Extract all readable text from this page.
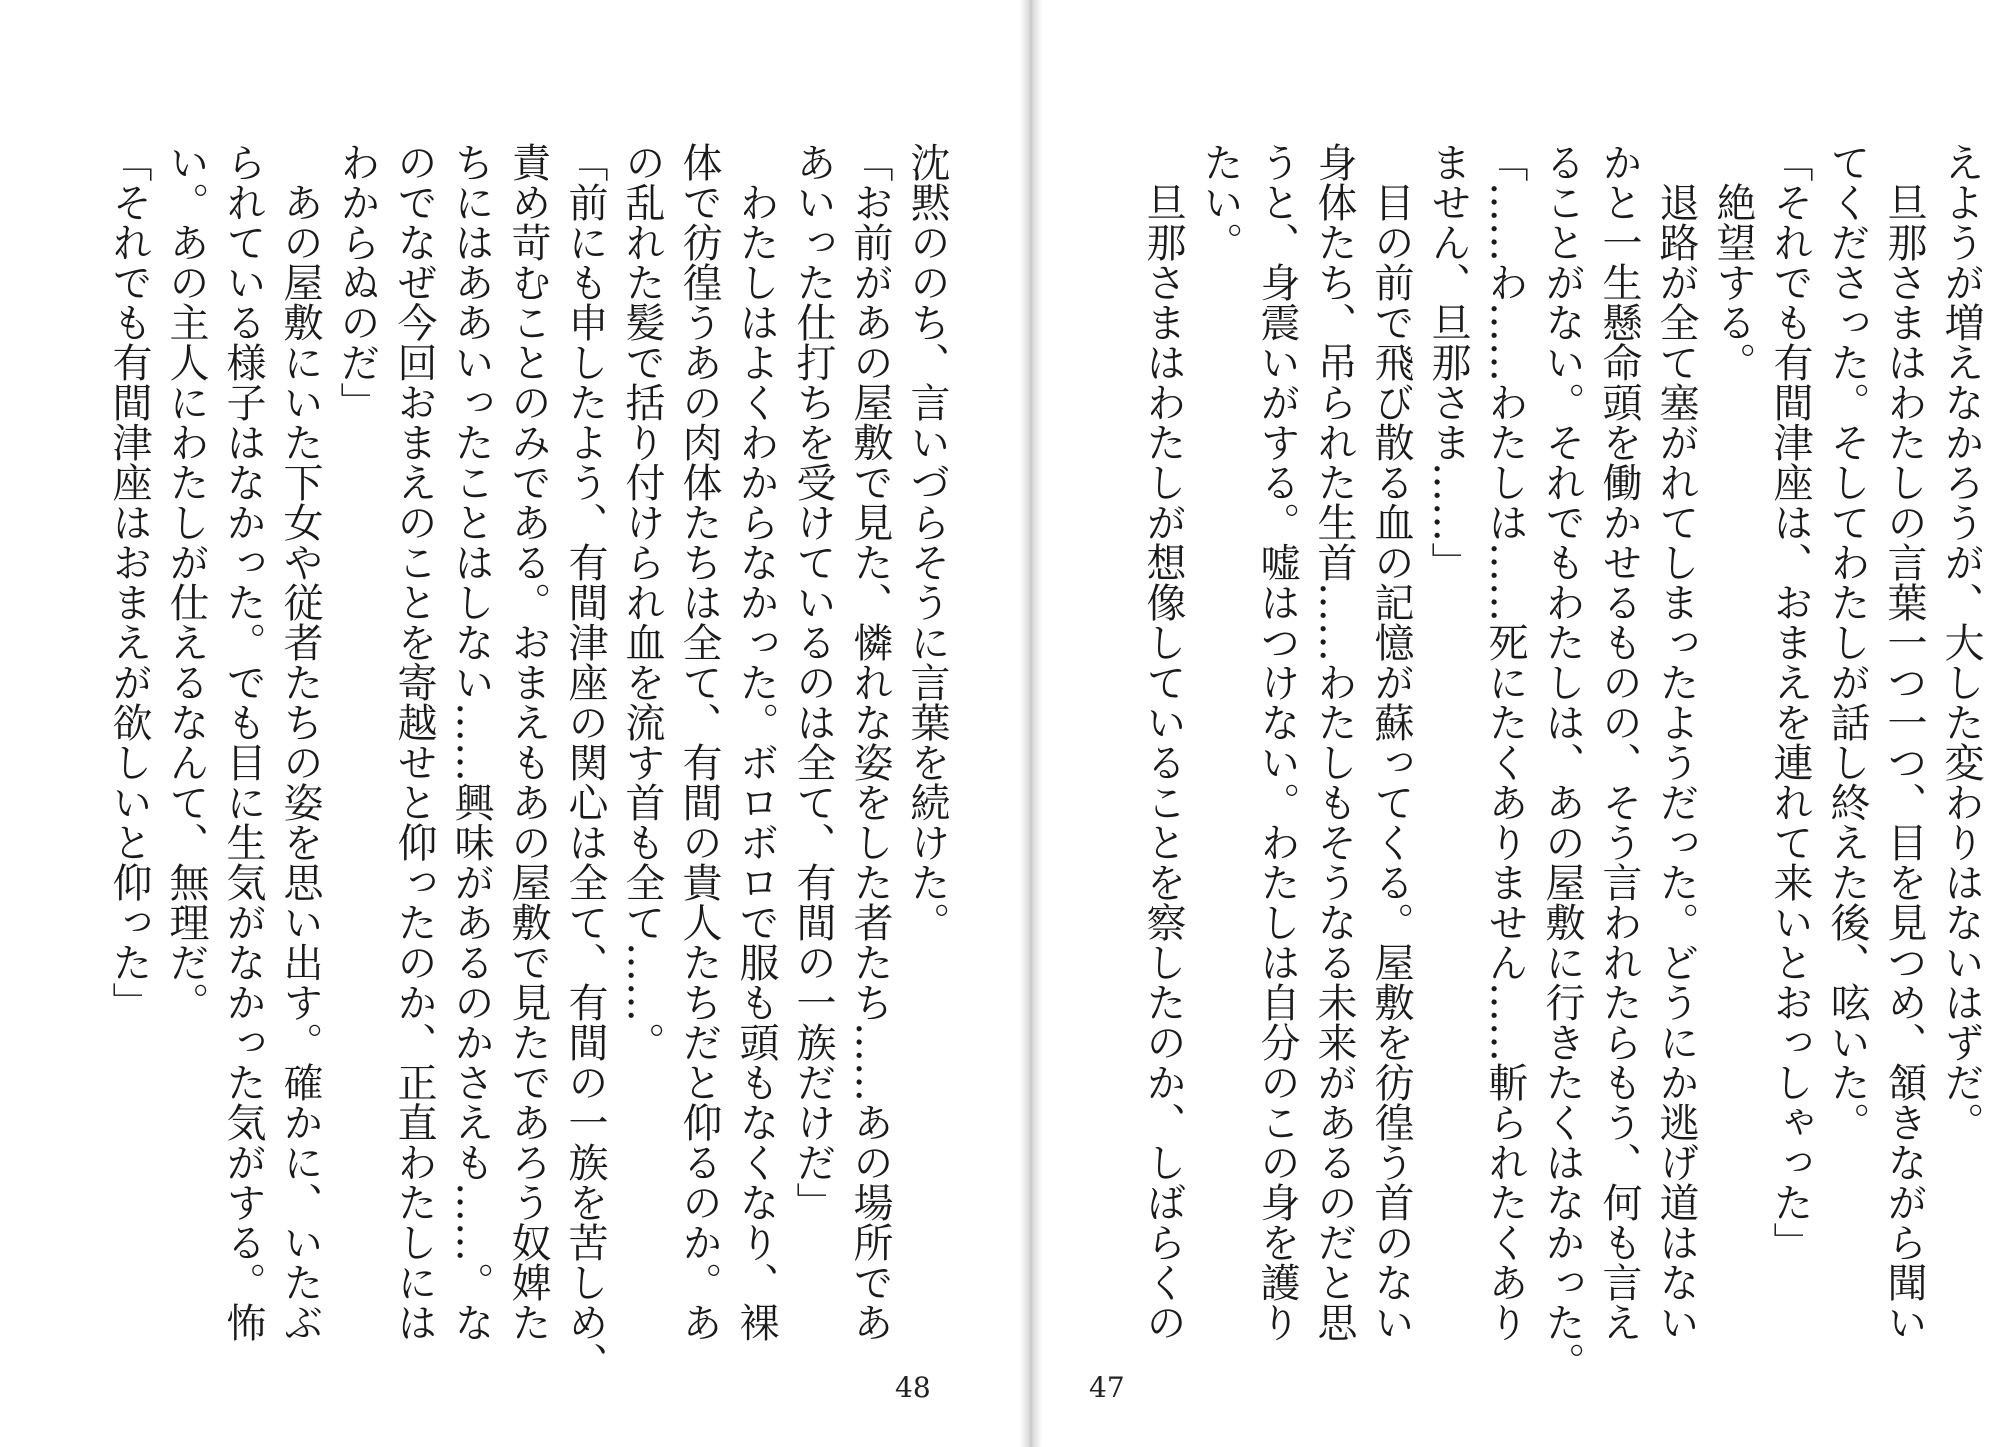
沈黙ののち、言いづらそうに言葉を続けた。
「お前があの屋敷で見た、憐れな姿をした者たち……あの場所であ
あいった仕打ちを受けているのは全て、有間の一族だけだ」
　わたしはよくわからなかった。ボロボロで服も頭もなくなり、裸
体で彷徨うあの肉体たちは全て、有間の貴人たちだと仰るのか。あ
の乱れた髪で括り付けられ血を流す首も全て……。
「前にも申したよう、有間津座の関心は全て、有間の一族を苦しめ、
責め苛むことのみである。おまえもあの屋敷で見たであろう奴婢た
ちにはああいったことはしない……興味があるのかさえも……。な
のでなぜ今回おまえのことを寄越せと仰ったのか、正直わたしには
わからぬのだ」
　あの屋敷にいた下女や従者たちの姿を思い出す。確かに、いたぶ
られている様子はなかった。でも目に生気がなかった気がする。怖
い。あの主人にわたしが仕えるなんて、無理だ。
「それでも有間津座はおまえが欲しいと仰った」
48
えようが増えなかろうが、大した変わりはないはずだ。
　旦那さまはわたしの言葉一つ一つ、目を見つめ、頷きながら聞い
てくださった。そしてわたしが話し終えた後、呟いた。
「それでも有間津座は、おまえを連れて来いとおっしゃった」
　絶望する。
　退路が全て塞がれてしまったようだった。どうにか逃げ道はない
かと一生懸命頭を働かせるものの、そう言われたらもう、何も言え
ることがない。それでもわたしは、あの屋敷に行きたくはなかった。
「……わ……わたしは……死にたくありません……斬られたくあり
ません、旦那さま……」
　目の前で飛び散る血の記憶が蘇ってくる。屋敷を彷徨う首のない
身体たち、吊られた生首……わたしもそうなる未来があるのだと思
うと、身震いがする。嘘はつけない。わたしは自分のこの身を護り
たい。
　旦那さまはわたしが想像していることを察したのか、しばらくの
47
